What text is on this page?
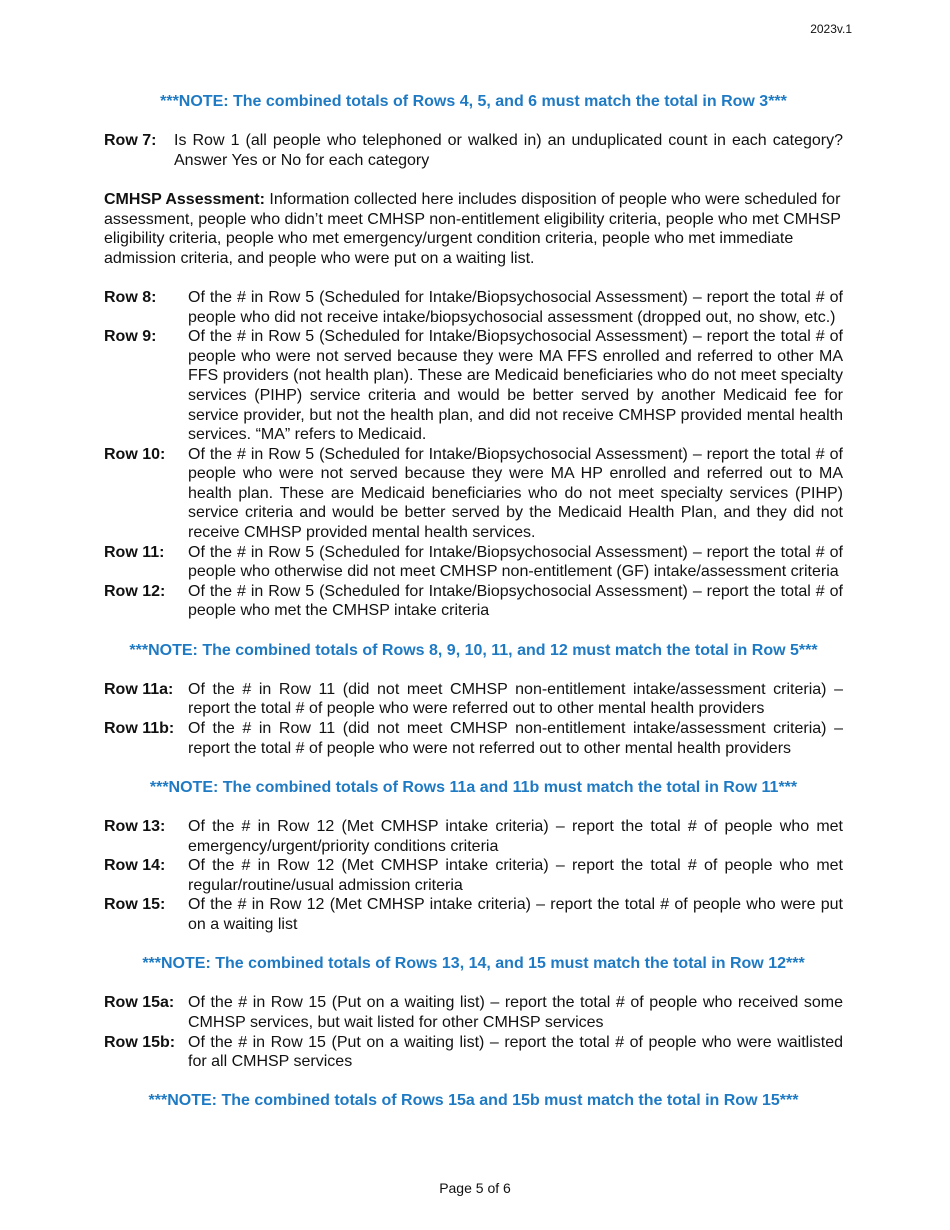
2023v.1

***NOTE: The combined totals of Rows 4, 5, and 6 must match the total in Row 3***

Row 7:	Is Row 1 (all people who telephoned or walked in) an unduplicated count in each category? Answer Yes or No for each category

CMHSP Assessment: Information collected here includes disposition of people who were scheduled for assessment, people who didn’t meet CMHSP non-entitlement eligibility criteria, people who met CMHSP eligibility criteria, people who met emergency/urgent condition criteria, people who met immediate admission criteria, and people who were put on a waiting list.

Row 8:	Of the # in Row 5 (Scheduled for Intake/Biopsychosocial Assessment) – report the total # of people who did not receive intake/biopsychosocial assessment (dropped out, no show, etc.)
Row 9:	Of the # in Row 5 (Scheduled for Intake/Biopsychosocial Assessment) – report the total # of people who were not served because they were MA FFS enrolled and referred to other MA FFS providers (not health plan). These are Medicaid beneficiaries who do not meet specialty services (PIHP) service criteria and would be better served by another Medicaid fee for service provider, but not the health plan, and did not receive CMHSP provided mental health services. “MA” refers to Medicaid.
Row 10:	Of the # in Row 5 (Scheduled for Intake/Biopsychosocial Assessment) – report the total # of people who were not served because they were MA HP enrolled and referred out to MA health plan. These are Medicaid beneficiaries who do not meet specialty services (PIHP) service criteria and would be better served by the Medicaid Health Plan, and they did not receive CMHSP provided mental health services.
Row 11:	Of the # in Row 5 (Scheduled for Intake/Biopsychosocial Assessment) – report the total # of people who otherwise did not meet CMHSP non-entitlement (GF) intake/assessment criteria
Row 12:	Of the # in Row 5 (Scheduled for Intake/Biopsychosocial Assessment) – report the total # of people who met the CMHSP intake criteria

***NOTE: The combined totals of Rows 8, 9, 10, 11, and 12 must match the total in Row 5***

Row 11a: Of the # in Row 11 (did not meet CMHSP non-entitlement intake/assessment criteria) – report the total # of people who were referred out to other mental health providers
Row 11b: Of the # in Row 11 (did not meet CMHSP non-entitlement intake/assessment criteria) – report the total # of people who were not referred out to other mental health providers

***NOTE: The combined totals of Rows 11a and 11b must match the total in Row 11***

Row 13:	Of the # in Row 12 (Met CMHSP intake criteria) – report the total # of people who met emergency/urgent/priority conditions criteria
Row 14:	Of the # in Row 12 (Met CMHSP intake criteria) – report the total # of people who met regular/routine/usual admission criteria
Row 15:	Of the # in Row 12 (Met CMHSP intake criteria) – report the total # of people who were put on a waiting list

***NOTE: The combined totals of Rows 13, 14, and 15 must match the total in Row 12***

Row 15a: Of the # in Row 15 (Put on a waiting list) – report the total # of people who received some CMHSP services, but wait listed for other CMHSP services
Row 15b: Of the # in Row 15 (Put on a waiting list) – report the total # of people who were waitlisted for all CMHSP services

***NOTE: The combined totals of Rows 15a and 15b must match the total in Row 15***

Page 5 of 6
